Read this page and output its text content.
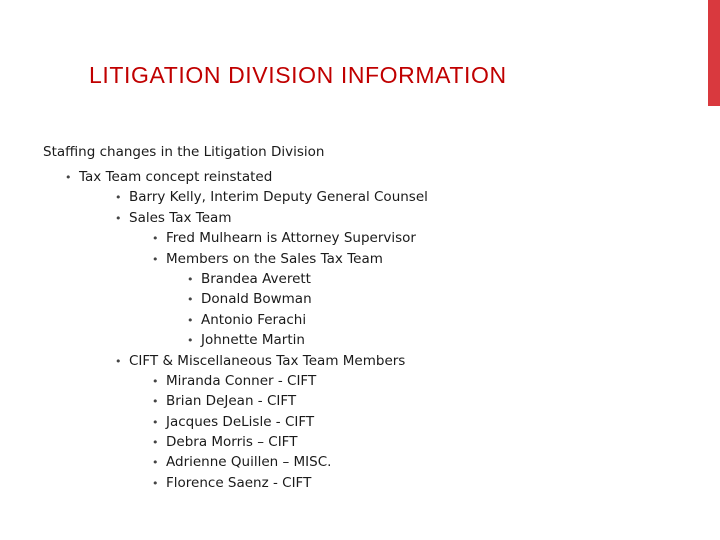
LITIGATION DIVISION INFORMATION

Staffing changes in the Litigation Division

• Tax Team concept reinstated
• Barry Kelly, Interim Deputy General Counsel
• Sales Tax Team
• Fred Mulhearn is Attorney Supervisor
• Members on the Sales Tax Team
• Brandea Averett
• Donald Bowman
• Antonio Ferachi
• Johnette Martin
• CIFT & Miscellaneous Tax Team Members
• Miranda Conner - CIFT
• Brian DeJean - CIFT
• Jacques DeLisle - CIFT
• Debra Morris – CIFT
• Adrienne Quillen – MISC.
• Florence Saenz - CIFT
